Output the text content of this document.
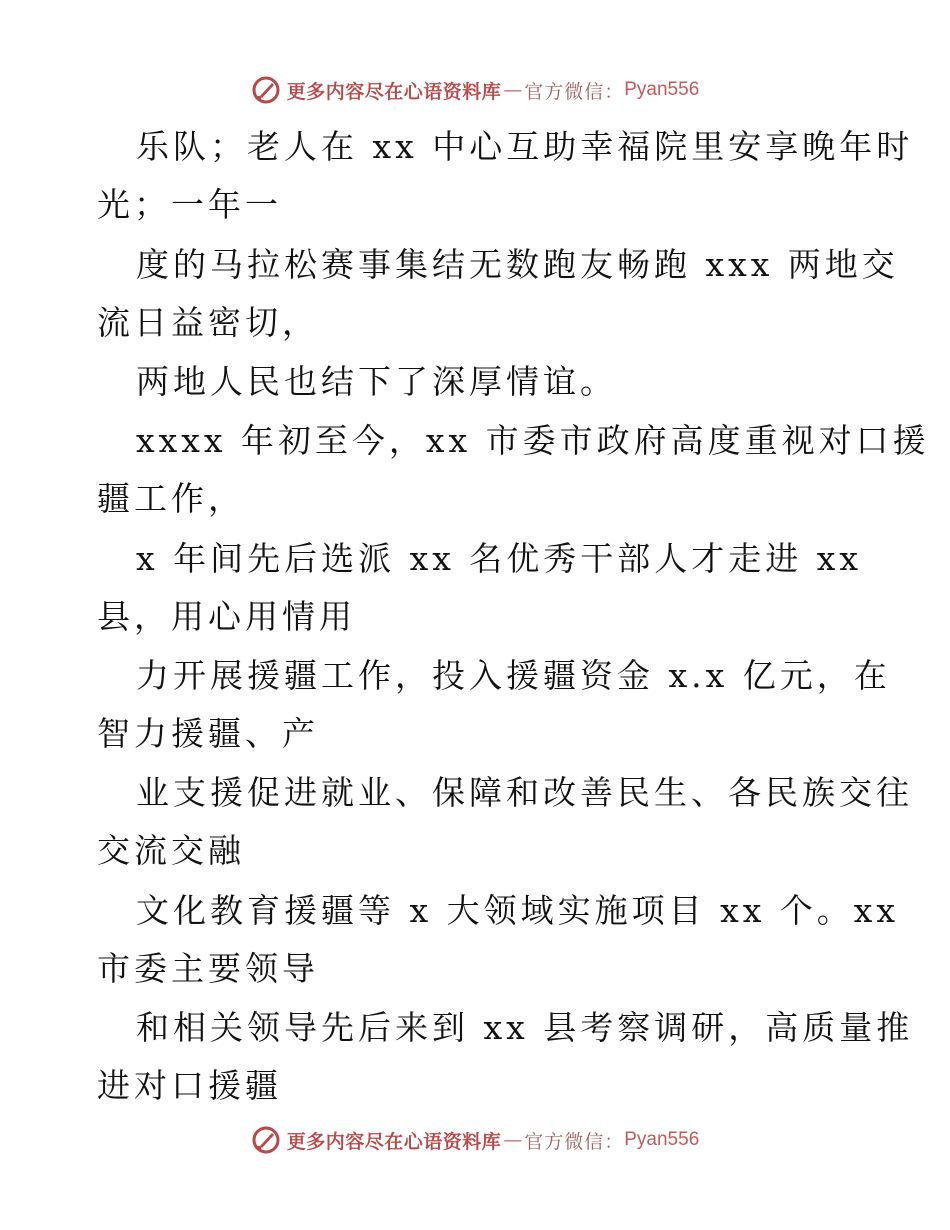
更多内容尽在心语资料库 — 官方微信： Pyan556
乐队；老人在 xx 中心互助幸福院里安享晚年时
光；一年一
度的马拉松赛事集结无数跑友畅跑 xxx 两地交
流日益密切，
两地人民也结下了深厚情谊。
xxxx 年初至今，xx 市委市政府高度重视对口援
疆工作，
x 年间先后选派 xx 名优秀干部人才走进 xx
县，用心用情用
力开展援疆工作，投入援疆资金 x.x 亿元，在
智力援疆、产
业支援促进就业、保障和改善民生、各民族交往
交流交融
文化教育援疆等 x 大领域实施项目 xx 个。xx
市委主要领导
和相关领导先后来到 xx 县考察调研，高质量推
进对口援疆
更多内容尽在心语资料库 — 官方微信： Pyan556
